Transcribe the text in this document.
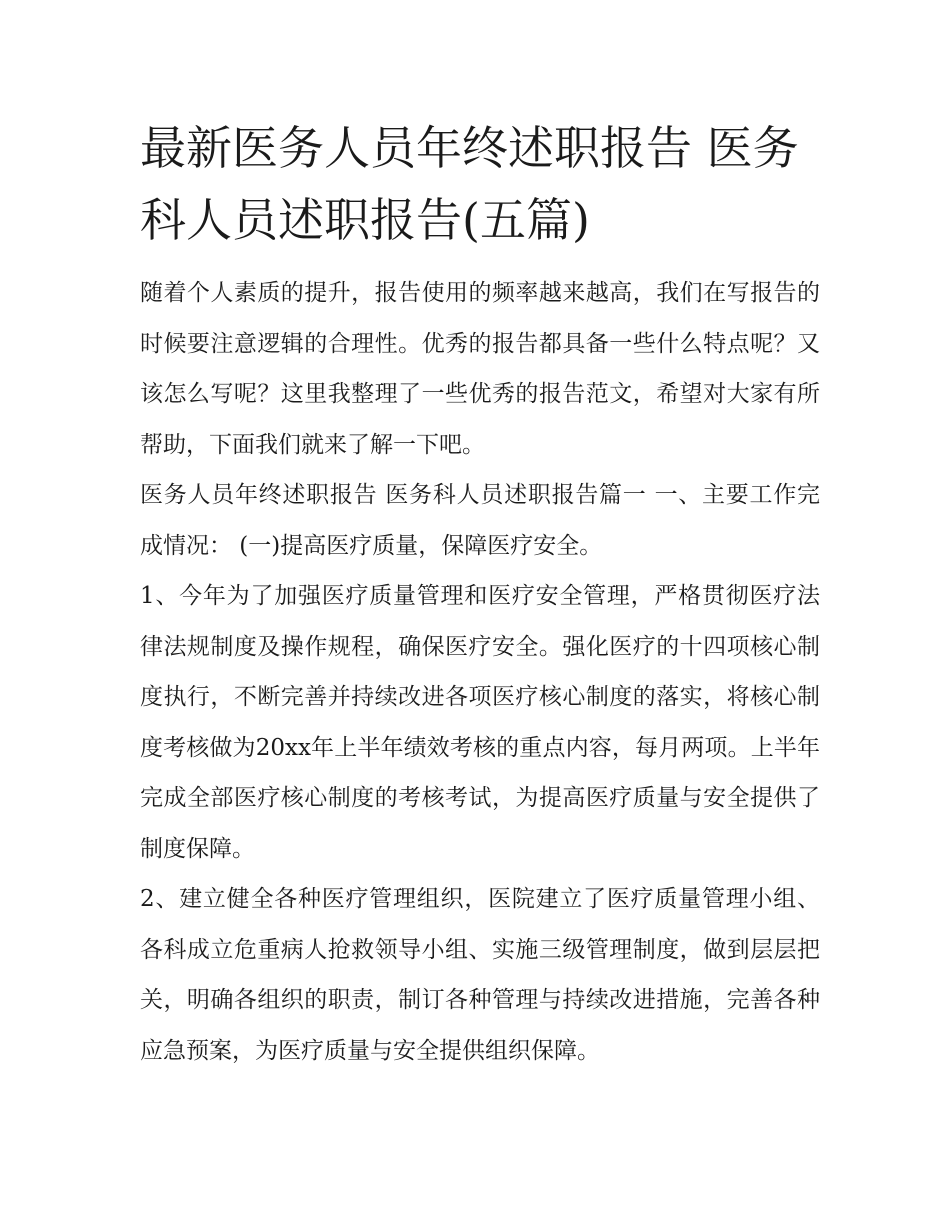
最新医务人员年终述职报告 医务科人员述职报告(五篇)

随着个人素质的提升，报告使用的频率越来越高，我们在写报告的时候要注意逻辑的合理性。优秀的报告都具备一些什么特点呢？又该怎么写呢？这里我整理了一些优秀的报告范文，希望对大家有所帮助，下面我们就来了解一下吧。

医务人员年终述职报告 医务科人员述职报告篇一 一、主要工作完成情况： (一)提高医疗质量，保障医疗安全。

1、今年为了加强医疗质量管理和医疗安全管理，严格贯彻医疗法律法规制度及操作规程，确保医疗安全。强化医疗的十四项核心制度执行，不断完善并持续改进各项医疗核心制度的落实，将核心制度考核做为20xx年上半年绩效考核的重点内容，每月两项。上半年完成全部医疗核心制度的考核考试，为提高医疗质量与安全提供了制度保障。

2、建立健全各种医疗管理组织，医院建立了医疗质量管理小组、各科成立危重病人抢救领导小组、实施三级管理制度，做到层层把关，明确各组织的职责，制订各种管理与持续改进措施，完善各种应急预案，为医疗质量与安全提供组织保障。
